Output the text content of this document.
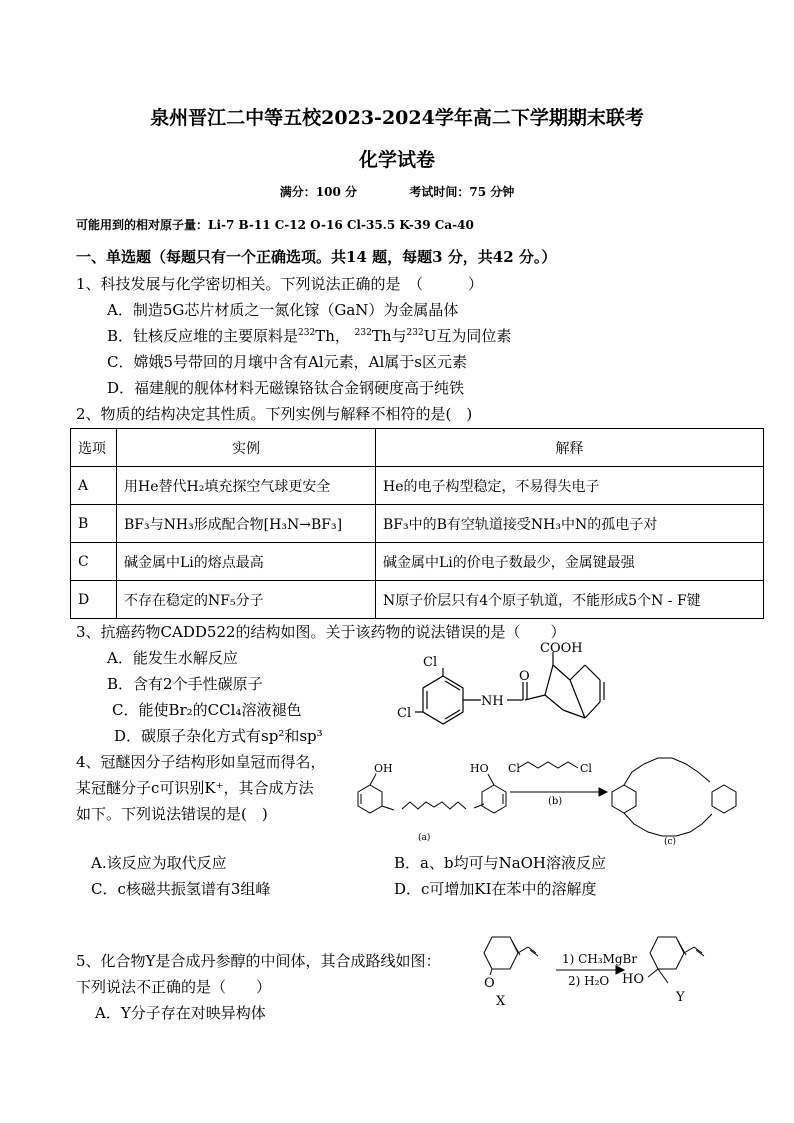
泉州晋江二中等五校2023-2024学年高二下学期期末联考
化学试卷
满分：100 分	考试时间：75 分钟
可能用到的相对原子量：Li-7 B-11 C-12 O-16 Cl-35.5 K-39 Ca-40
一、单选题（每题只有一个正确选项。共14 题，每题3 分，共42 分。）
1、科技发展与化学密切相关。下列说法正确的是　（　　　）
A．制造5G芯片材质之一氮化镓（GaN）为金属晶体
B．钍核反应堆的主要原料是$^{232}$Th， $^{232}$Th与$^{232}$U互为同位素
C．嫦娥5号带回的月壤中含有Al元素，Al属于s区元素
D．福建舰的舰体材料无磁镍铬钛合金钢硬度高于纯铁
2、物质的结构决定其性质。下列实例与解释不相符的是(　)
选项	实例	解释
A	用He替代H₂填充探空气球更安全	He的电子构型稳定，不易得失电子
B	BF₃与NH₃形成配合物[H₃N→BF₃]	BF₃中的B有空轨道接受NH₃中N的孤电子对
C	碱金属中Li的熔点最高	碱金属中Li的价电子数最少，金属键最强
D	不存在稳定的NF₅分子	N原子价层只有4个原子轨道，不能形成5个N - F键
3、抗癌药物CADD522的结构如图。关于该药物的说法错误的是（　　）
A．能发生水解反应
B．含有2个手性碳原子
C．能使Br₂的CCl₄溶液褪色
D．碳原子杂化方式有sp²和sp³
Cl
Cl
NH
O
COOH
4、冠醚因分子结构形如皇冠而得名，
某冠醚分子c可识别K⁺，其合成方法
如下。下列说法错误的是(　)
OH	HO Cl	Cl
(b)
(a)	(c)
A.该反应为取代反应	B．a、b均可与NaOH溶液反应
C．c核磁共振氢谱有3组峰	D．c可增加KI在苯中的溶解度
5、化合物Y是合成丹参醇的中间体，其合成路线如图：
下列说法不正确的是（　　）
A．Y分子存在对映异构体
O
X
1) CH₃MgBr
2) H₂O HO
Y
